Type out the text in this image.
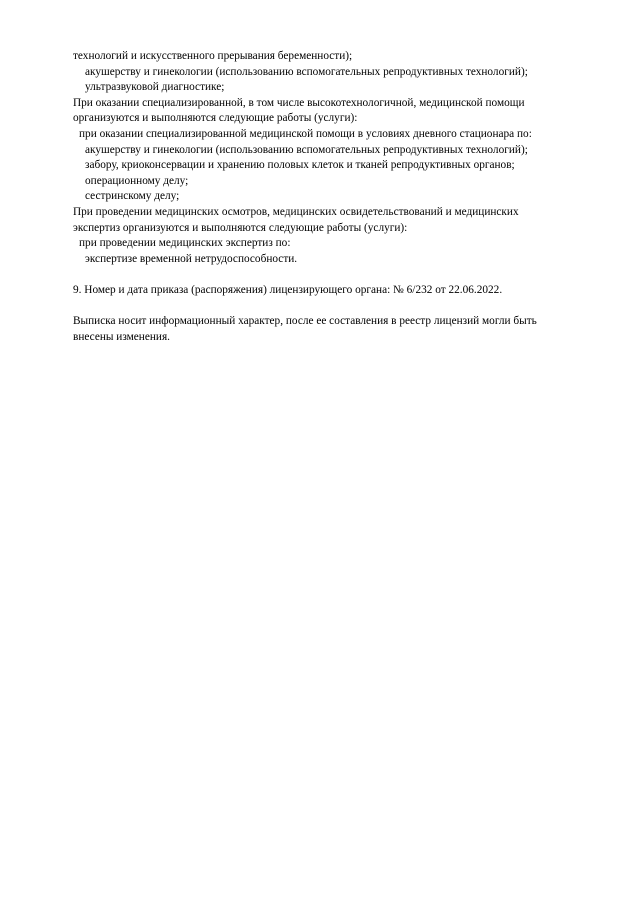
технологий и искусственного прерывания беременности);
акушерству и гинекологии (использованию вспомогательных репродуктивных технологий);
ультразвуковой диагностике;
При оказании специализированной, в том числе высокотехнологичной, медицинской помощи
организуются и выполняются следующие работы (услуги):
при оказании специализированной медицинской помощи в условиях дневного стационара по:
акушерству и гинекологии (использованию вспомогательных репродуктивных технологий);
забору, криоконсервации и хранению половых клеток и тканей репродуктивных органов;
операционному делу;
сестринскому делу;
При проведении медицинских осмотров, медицинских освидетельствований и медицинских
экспертиз организуются и выполняются следующие работы (услуги):
при проведении медицинских экспертиз по:
экспертизе временной нетрудоспособности.
9. Номер и дата приказа (распоряжения) лицензирующего органа: № 6/232 от 22.06.2022.
Выписка носит информационный характер, после ее составления в реестр лицензий могли быть
внесены изменения.
